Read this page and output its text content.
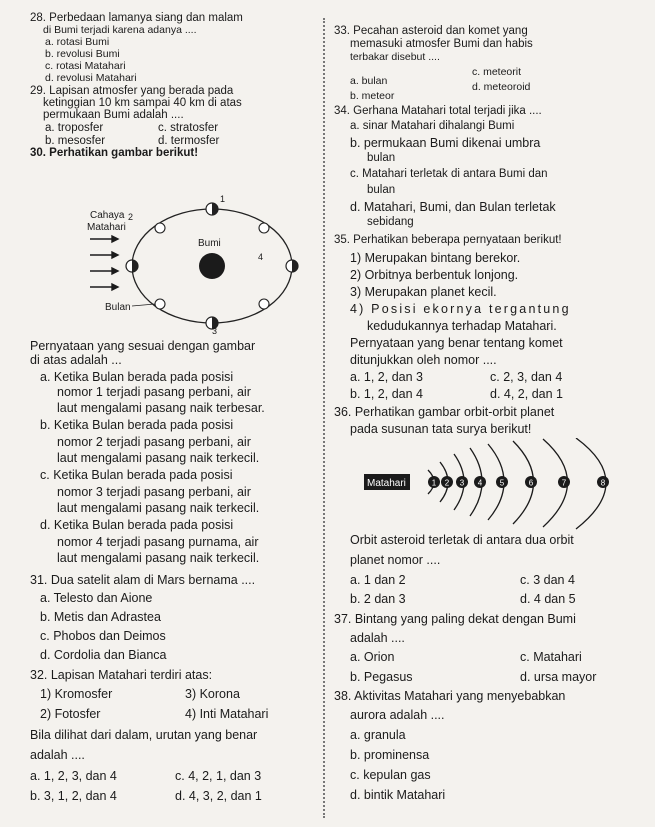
28. Perbedaan lamanya siang dan malam
di Bumi terjadi karena adanya ....
a. rotasi Bumi
b. revolusi Bumi
c. rotasi Matahari
d. revolusi Matahari
29. Lapisan atmosfer yang berada pada
ketinggian 10 km sampai 40 km di atas
permukaan Bumi adalah ....
a. troposfer
b. mesosfer
c. stratosfer
d. termosfer
30. Perhatikan gambar berikut!
Cahaya
Matahari
Bumi
1
2
4
3
Bulan
Pernyataan yang sesuai dengan gambar
di atas adalah ...
a. Ketika Bulan berada pada posisi
nomor 1 terjadi pasang perbani, air
laut mengalami pasang naik terbesar.
b. Ketika Bulan berada pada posisi
nomor 2 terjadi pasang perbani, air
laut mengalami pasang naik terkecil.
c. Ketika Bulan berada pada posisi
nomor 3 terjadi pasang perbani, air
laut mengalami pasang naik terkecil.
d. Ketika Bulan berada pada posisi
nomor 4 terjadi pasang purnama, air
laut mengalami pasang naik terkecil.
31. Dua satelit alam di Mars bernama ....
a. Telesto dan Aione
b. Metis dan Adrastea
c. Phobos dan Deimos
d. Cordolia dan Bianca
32. Lapisan Matahari terdiri atas:
1) Kromosfer
2) Fotosfer
3) Korona
4) Inti Matahari
Bila dilihat dari dalam, urutan yang benar
adalah ....
a. 1, 2, 3, dan 4
b. 3, 1, 2, dan 4
c. 4, 2, 1, dan 3
d. 4, 3, 2, dan 1
33. Pecahan asteroid dan komet yang
memasuki atmosfer Bumi dan habis
terbakar disebut ....
a. bulan
b. meteor
c. meteorit
d. meteoroid
34. Gerhana Matahari total terjadi jika ....
a. sinar Matahari dihalangi Bumi
b. permukaan Bumi dikenai umbra
bulan
c. Matahari terletak di antara Bumi dan
bulan
d. Matahari, Bumi, dan Bulan terletak
sebidang
35. Perhatikan beberapa pernyataan berikut!
1) Merupakan bintang berekor.
2) Orbitnya berbentuk lonjong.
3) Merupakan planet kecil.
4) Posisi ekornya tergantung
kedudukannya terhadap Matahari.
Pernyataan yang benar tentang komet
ditunjukkan oleh nomor ....
a. 1, 2, dan 3
b. 1, 2, dan 4
c. 2, 3, dan 4
d. 4, 2, dan 1
36. Perhatikan gambar orbit-orbit planet
pada susunan tata surya berikut!
Matahari	1 2 3 4 5	6	7	8
Orbit asteroid terletak di antara dua orbit
planet nomor ....
a. 1 dan 2
b. 2 dan 3
c. 3 dan 4
d. 4 dan 5
37. Bintang yang paling dekat dengan Bumi
adalah ....
a. Orion
b. Pegasus
c. Matahari
d. ursa mayor
38. Aktivitas Matahari yang menyebabkan
aurora adalah ....
a. granula
b. prominensa
c. kepulan gas
d. bintik Matahari
